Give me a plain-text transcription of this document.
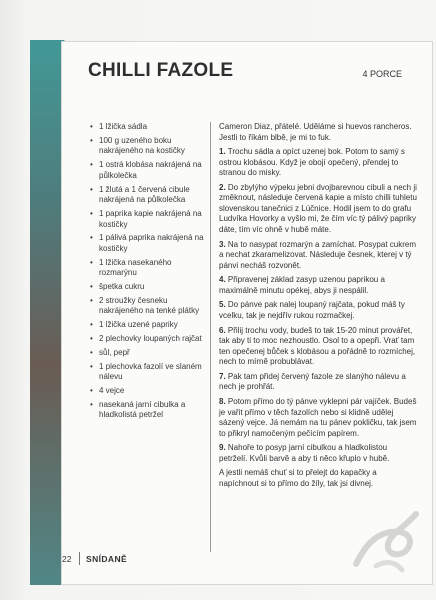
CHILLI FAZOLE	4 PORCE
• 1 lžička sádla
• 100 g uzeného boku nakrájeného na kostičky
• 1 ostrá klobása nakrájená na půlkolečka
• 1 žlutá a 1 červená cibule nakrájená na půlkolečka
• 1 paprika kapie nakrájená na kostičky
• 1 pálivá paprika nakrájená na kostičky
• 1 lžička nasekaného rozmarýnu
• špetka cukru
• 2 stroužky česneku nakrájeného na tenké plátky
• 1 lžička uzené papriky
• 2 plechovky loupaných rajčat
• sůl, pepř
• 1 plechovka fazolí ve slaném nálevu
• 4 vejce
• nasekaná jarní cibulka a hladkolistá petržel

Cameron Diaz, přátelé. Uděláme si huevos rancheros. Jestli to říkám blbě, je mi to fuk.

1. Trochu sádla a opíct uzenej bok. Potom to samý s ostrou klobásou. Když je obojí opečený, přendej to stranou do misky.

2. Do zbylýho výpeku jebni dvojbarevnou cibuli a nech ji změknout, následuje červená kapie a místo chilli tuhletu slovenskou tanečnici z Lúčnice. Hodil jsem to do grafu Ludvíka Hovorky a vyšlo mi, že čím víc tý pálivý papriky dáte, tím víc ohně v hubě máte.

3. Na to nasypat rozmarýn a zamíchat. Posypat cukrem a nechat zkaramelizovat. Následuje česnek, kterej v tý pánvi necháš rozvonět.

4. Připravenej základ zasyp uzenou paprikou a maximálně minutu opékej, abys ji nespálil.

5. Do pánve pak nalej loupaný rajčata, pokud máš ty vcelku, tak je nejdřív rukou rozmačkej.

6. Přilij trochu vody, budeš to tak 15-20 minut provářet, tak aby ti to moc nezhoustlo. Osol to a opepři. Vrať tam ten opečenej bůček s klobásou a pořádně to rozmíchej, nech to mírně probublávat.

7. Pak tam přidej červený fazole ze slanýho nálevu a nech je prohřát.

8. Potom přímo do tý pánve vyklepni pár vajíček. Budeš je vařit přímo v těch fazolích nebo si klidně udělej sázený vejce. Já nemám na tu pánev pokličku, tak jsem to přikryl namočeným pečícím papírem.

9. Nahoře to posyp jarní cibulkou a hladkolistou petrželí. Kvůli barvě a aby ti něco křuplo v hubě.

A jestli nemáš chuť si to přelejt do kapačky a napíchnout si to přímo do žíly, tak jsi divnej.

22 SNÍDANĚ
